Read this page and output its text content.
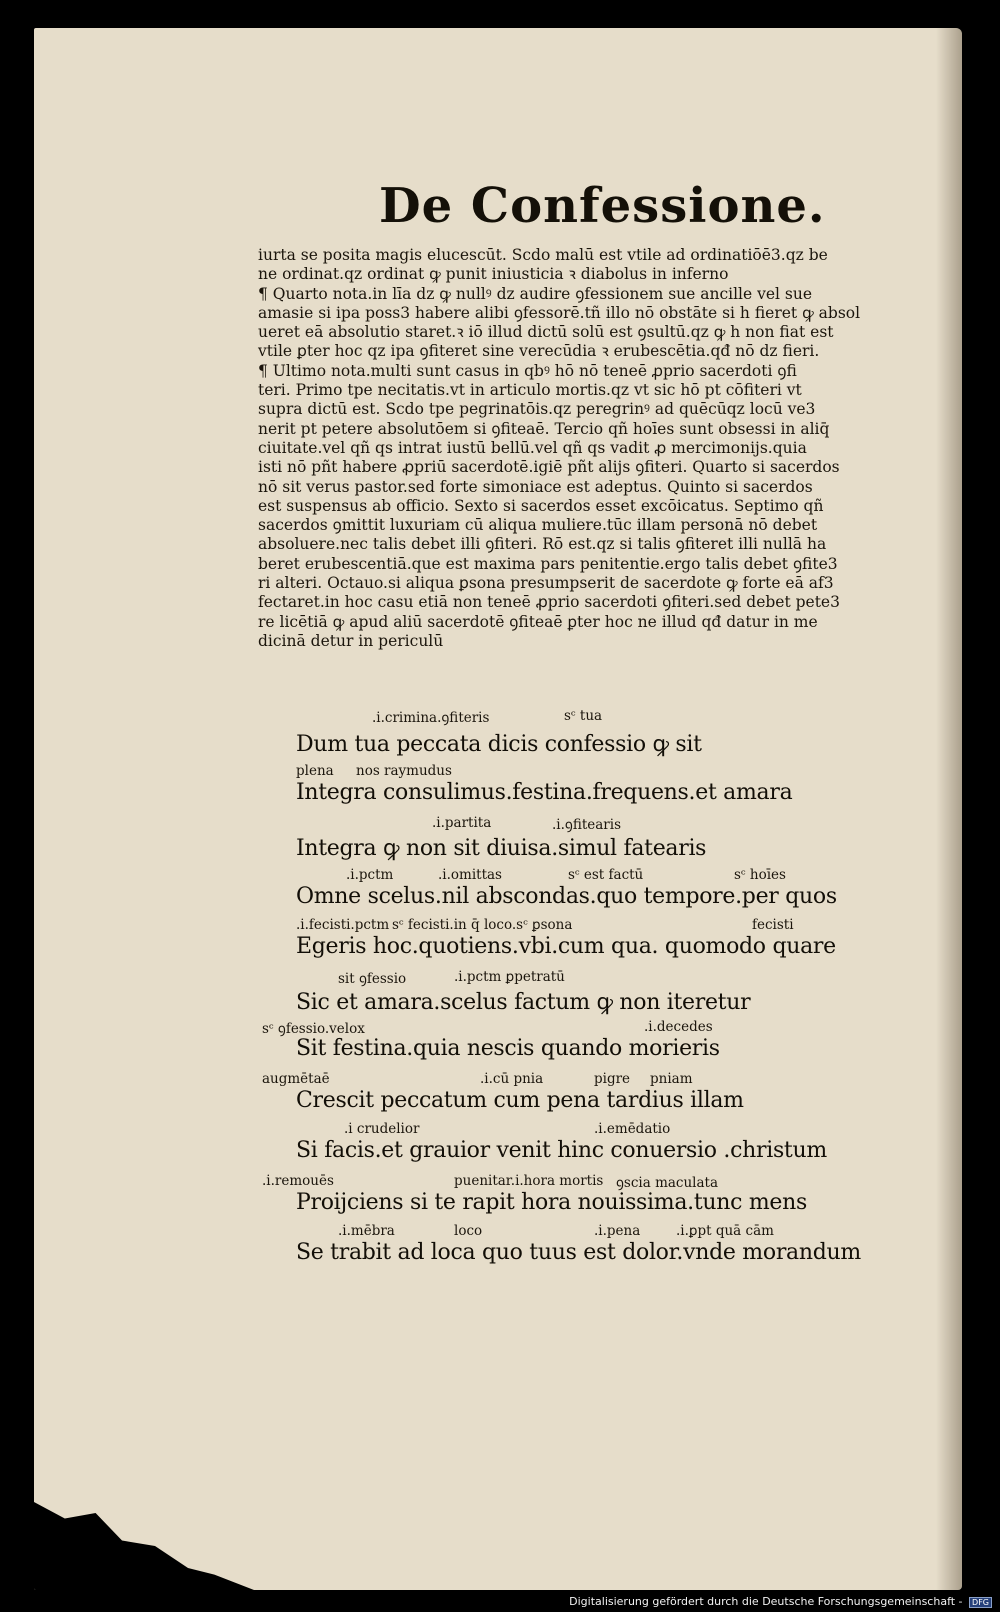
De Confessione.

iurta se posita magis elucescūt. Scdo malū est vtile ad ordinatiōē3.qz be

ne ordinat.qz ordinat ꝙ punit iniusticia ꝛ diabolus in inferno

¶ Quarto nota.in līa dz ꝙ nullꝰ dz audire ꝯfessionem sue ancille vel sue

amasie si ipa poss3 habere alibi ꝯfessorē.tñ illo nō obstāte si h fieret ꝙ absol

ueret eā absolutio staret.ꝛ iō illud dictū solū est ꝯsultū.qz ꝙ h non fiat est

vtile ꝑter hoc qz ipa ꝯfiteret sine verecūdia ꝛ erubescētia.qđ nō dz fieri.

¶ Ultimo nota.multi sunt casus in qbꝰ hō nō teneē ꝓprio sacerdoti ꝯfi

teri. Primo tpe necitatis.vt in articulo mortis.qz vt sic hō pt cōfiteri vt

supra dictū est. Scdo tpe pegrinatōis.qz peregrinꝰ ad quēcūqz locū ve3

nerit pt petere absolutōem si ꝯfiteaē. Tercio qñ hoīes sunt obsessi in aliq̄

ciuitate.vel qñ qs intrat iustū bellū.vel qñ qs vadit ꝓ mercimonijs.quia

isti nō pñt habere ꝓpriū sacerdotē.igiē pñt alijs ꝯfiteri. Quarto si sacerdos

nō sit verus pastor.sed forte simoniace est adeptus. Quinto si sacerdos

est suspensus ab officio. Sexto si sacerdos esset excōicatus. Septimo qñ

sacerdos ꝯmittit luxuriam cū aliqua muliere.tūc illam personā nō debet

absoluere.nec talis debet illi ꝯfiteri. Rō est.qz si talis ꝯfiteret illi nullā ha

beret erubescentiā.que est maxima pars penitentie.ergo talis debet ꝯfite3

ri alteri. Octauo.si aliqua ꝑsona presumpserit de sacerdote ꝙ forte eā af3

fectaret.in hoc casu etiā non teneē ꝓprio sacerdoti ꝯfiteri.sed debet pete3

re licētiā ꝙ apud aliū sacerdotē ꝯfiteaē ꝑter hoc ne illud qđ datur in me

dicinā detur in periculū

.i.crimina.ꝯfiteris	sᶜ tua
Dum tua peccata dicis confessio ꝙ sit
plena nos raymudus
Integra consulimus.festina.frequens.et amara
.i.partita	.i.ꝯfitearis
Integra ꝙ non sit diuisa.simul fatearis
.i.pctm	.i.omittas	sᶜ est factū	sᶜ hoīes
Omne scelus.nil abscondas.quo tempore.per quos
.i.fecisti.pctm sᶜ fecisti.in q̄ loco.sᶜ ꝑsona	fecisti
Egeris hoc.quotiens.vbi.cum qua. quomodo quare
sit ꝯfessio	.i.pctm ꝑpetratū
Sic et amara.scelus factum ꝙ non iteretur
sᶜ ꝯfessio.velox	.i.decedes
Sit festina.quia nescis quando morieris
augmētaē	.i.cū pnia	pigre pniam
Crescit peccatum cum pena tardius illam
.i crudelior	.i.emēdatio
Si facis.et grauior venit hinc conuersio .christum
.i.remouēs	puenitar.i.hora mortis ꝯscia maculata
Proijciens si te rapit hora nouissima.tunc mens
.i.mēbra	loco	.i.pena	.i.ꝑpt quā cām
Se trabit ad loca quo tuus est dolor.vnde morandum
Digitalisierung gefördert durch die Deutsche Forschungsgemeinschaft - DFG
